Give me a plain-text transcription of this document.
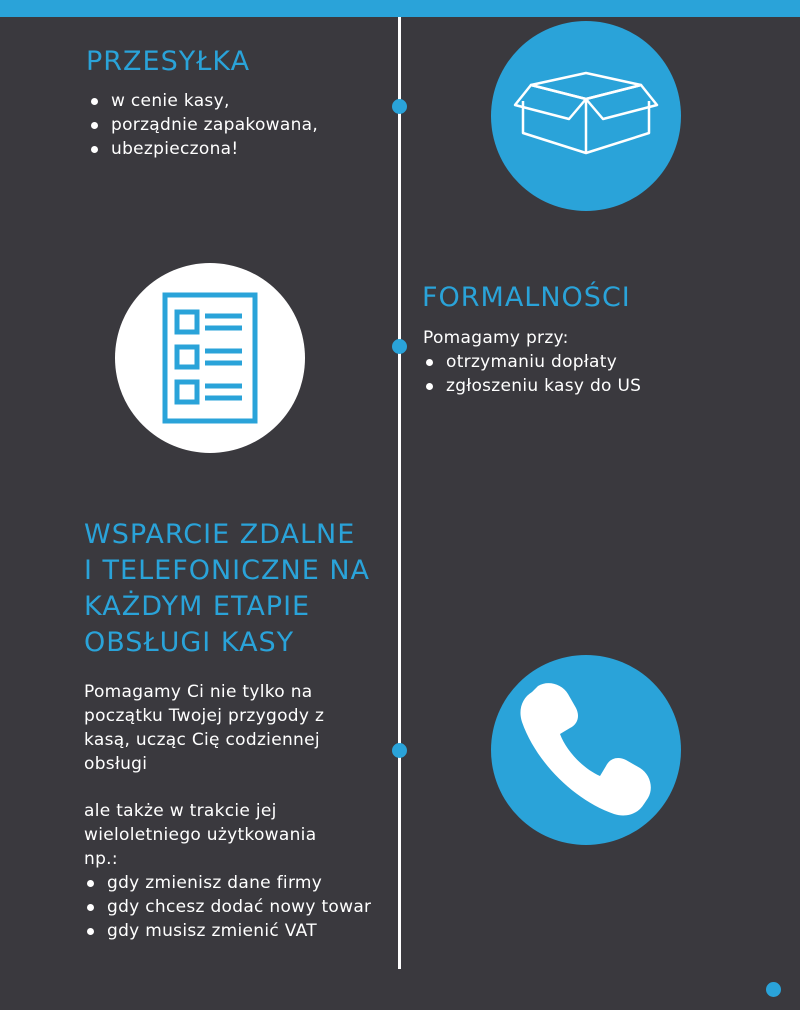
PRZESYŁKA
w cenie kasy,
porządnie zapakowana,
ubezpieczona!
FORMALNOŚCI

Pomagamy przy:

otrzymaniu dopłaty
zgłoszeniu kasy do US
WSPARCIE ZDALNE
I TELEFONICZNE NA
KAŻDYM ETAPIE
OBSŁUGI KASY
Pomagamy Ci nie tylko na
początku Twojej przygody z
kasą, ucząc Cię codziennej
obsługi
ale także w trakcie jej
wieloletniego użytkowania
np.:
gdy zmienisz dane firmy
gdy chcesz dodać nowy towar
gdy musisz zmienić VAT
